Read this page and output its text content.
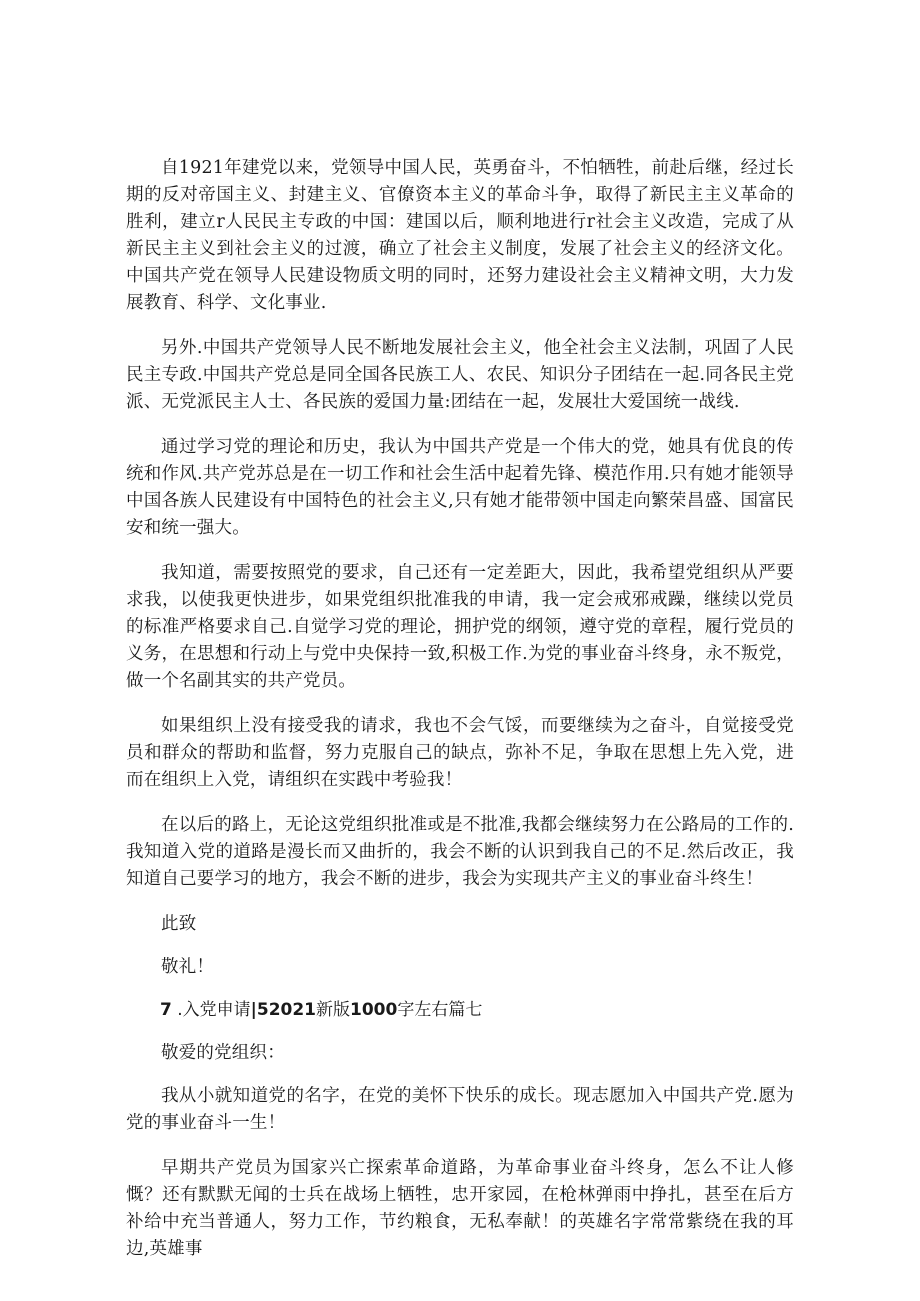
自1921年建党以来，党领导中国人民，英勇奋斗，不怕牺牲，前赴后继，经过长期的反对帝国主义、封建主义、官僚资本主义的革命斗争，取得了新民主主义革命的胜利，建立r人民民主专政的中国：建国以后，顺利地进行r社会主义改造，完成了从新民主主义到社会主义的过渡，确立了社会主义制度，发展了社会主义的经济文化。中国共产党在领导人民建设物质文明的同时，还努力建设社会主义精神文明，大力发展教育、科学、文化事业.

另外.中国共产党领导人民不断地发展社会主义，他全社会主义法制，巩固了人民民主专政.中国共产党总是同全国各民族工人、农民、知识分子团结在一起.同各民主党派、无党派民主人士、各民族的爱国力量:团结在一起，发展壮大爱国统一战线.

通过学习党的理论和历史，我认为中国共产党是一个伟大的党，她具有优良的传统和作风.共产党苏总是在一切工作和社会生活中起着先锋、模范作用.只有她才能领导中国各族人民建设有中国特色的社会主义,只有她才能带领中国走向繁荣昌盛、国富民安和统一强大。

我知道，需要按照党的要求，自己还有一定差距大，因此，我希望党组织从严要求我，以使我更快进步，如果党组织批准我的申请，我一定会戒邪戒躁，继续以党员的标准严格要求自己.自觉学习党的理论，拥护党的纲领，遵守党的章程，履行党员的义务，在思想和行动上与党中央保持一致,积极工作.为党的事业奋斗终身，永不叛党，做一个名副其实的共产党员。

如果组织上没有接受我的请求，我也不会气馁，而要继续为之奋斗，自觉接受党员和群众的帮助和监督，努力克服自己的缺点，弥补不足，争取在思想上先入党，进而在组织上入党，请组织在实践中考验我！

在以后的路上，无论这党组织批准或是不批准,我都会继续努力在公路局的工作的.我知道入党的道路是漫长而又曲折的，我会不断的认识到我自己的不足.然后改正，我知道自己要学习的地方，我会不断的进步，我会为实现共产主义的事业奋斗终生！

此致

敬礼！

7 .入党申请|52021新版1000字左右篇七

敬爱的党组织：

我从小就知道党的名字，在党的美怀下快乐的成长。现志愿加入中国共产党.愿为党的事业奋斗一生！

早期共产党员为国家兴亡探索革命道路，为革命事业奋斗终身，怎么不让人修慨？还有默默无闻的士兵在战场上牺牲，忠开家园，在枪林弹雨中挣扎，甚至在后方补给中充当普通人，努力工作，节约粮食，无私奉献！的英雄名字常常紫绕在我的耳边,英雄事
